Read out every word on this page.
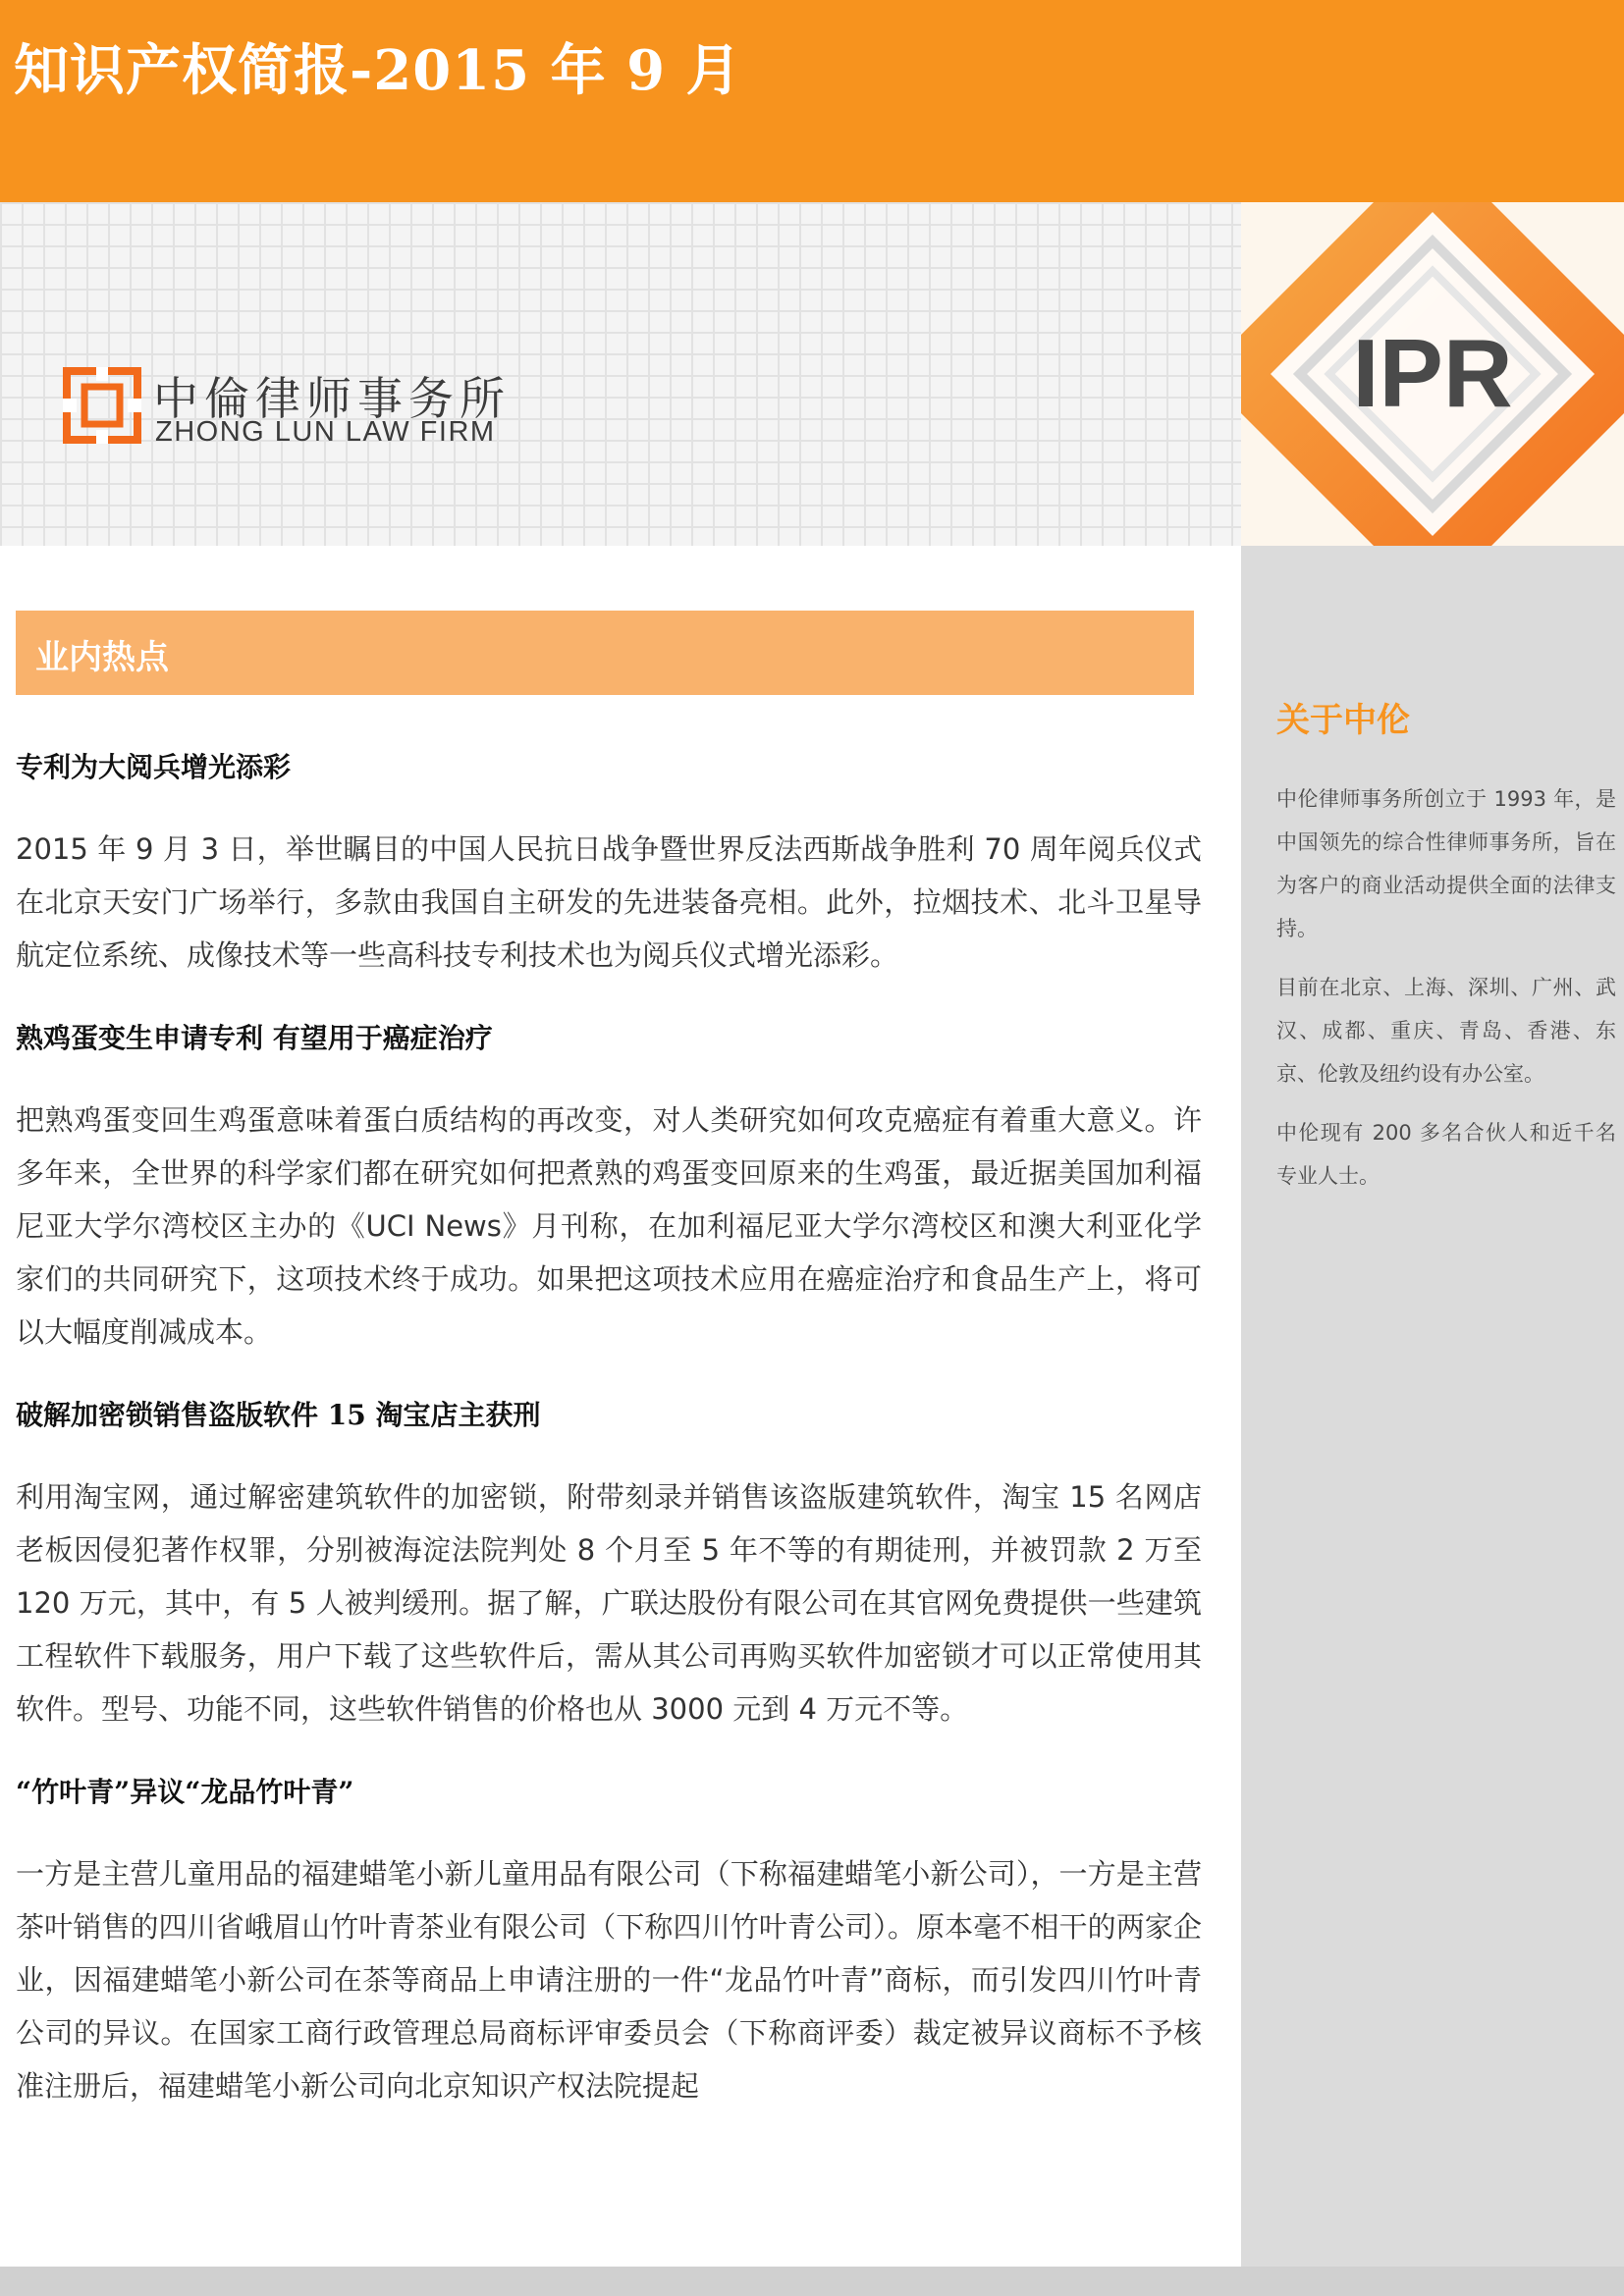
知识产权简报-2015 年 9 月
中倫律师事务所
ZHONG LUN LAW FIRM
IPR
关于中伦
中伦律师事务所创立于 1993 年，是中国领先的综合性律师事务所，旨在为客户的商业活动提供全面的法律支持。
目前在北京、上海、深圳、广州、武汉、成都、重庆、青岛、香港、东京、伦敦及纽约设有办公室。
中伦现有 200 多名合伙人和近千名专业人士。
业内热点
专利为大阅兵增光添彩
2015 年 9 月 3 日，举世瞩目的中国人民抗日战争暨世界反法西斯战争胜利 70 周年阅兵仪式在北京天安门广场举行，多款由我国自主研发的先进装备亮相。此外，拉烟技术、北斗卫星导航定位系统、成像技术等一些高科技专利技术也为阅兵仪式增光添彩。
熟鸡蛋变生申请专利 有望用于癌症治疗
把熟鸡蛋变回生鸡蛋意味着蛋白质结构的再改变，对人类研究如何攻克癌症有着重大意义。许多年来，全世界的科学家们都在研究如何把煮熟的鸡蛋变回原来的生鸡蛋，最近据美国加利福尼亚大学尔湾校区主办的《UCI News》月刊称，在加利福尼亚大学尔湾校区和澳大利亚化学家们的共同研究下，这项技术终于成功。如果把这项技术应用在癌症治疗和食品生产上，将可以大幅度削减成本。
破解加密锁销售盗版软件 15 淘宝店主获刑
利用淘宝网，通过解密建筑软件的加密锁，附带刻录并销售该盗版建筑软件，淘宝 15 名网店老板因侵犯著作权罪，分别被海淀法院判处 8 个月至 5 年不等的有期徒刑，并被罚款 2 万至 120 万元，其中，有 5 人被判缓刑。据了解，广联达股份有限公司在其官网免费提供一些建筑工程软件下载服务，用户下载了这些软件后，需从其公司再购买软件加密锁才可以正常使用其软件。型号、功能不同，这些软件销售的价格也从 3000 元到 4 万元不等。
“竹叶青”异议“龙品竹叶青”
一方是主营儿童用品的福建蜡笔小新儿童用品有限公司（下称福建蜡笔小新公司），一方是主营茶叶销售的四川省峨眉山竹叶青茶业有限公司（下称四川竹叶青公司）。原本毫不相干的两家企业，因福建蜡笔小新公司在茶等商品上申请注册的一件“龙品竹叶青”商标，而引发四川竹叶青公司的异议。在国家工商行政管理总局商标评审委员会（下称商评委）裁定被异议商标不予核准注册后，福建蜡笔小新公司向北京知识产权法院提起
